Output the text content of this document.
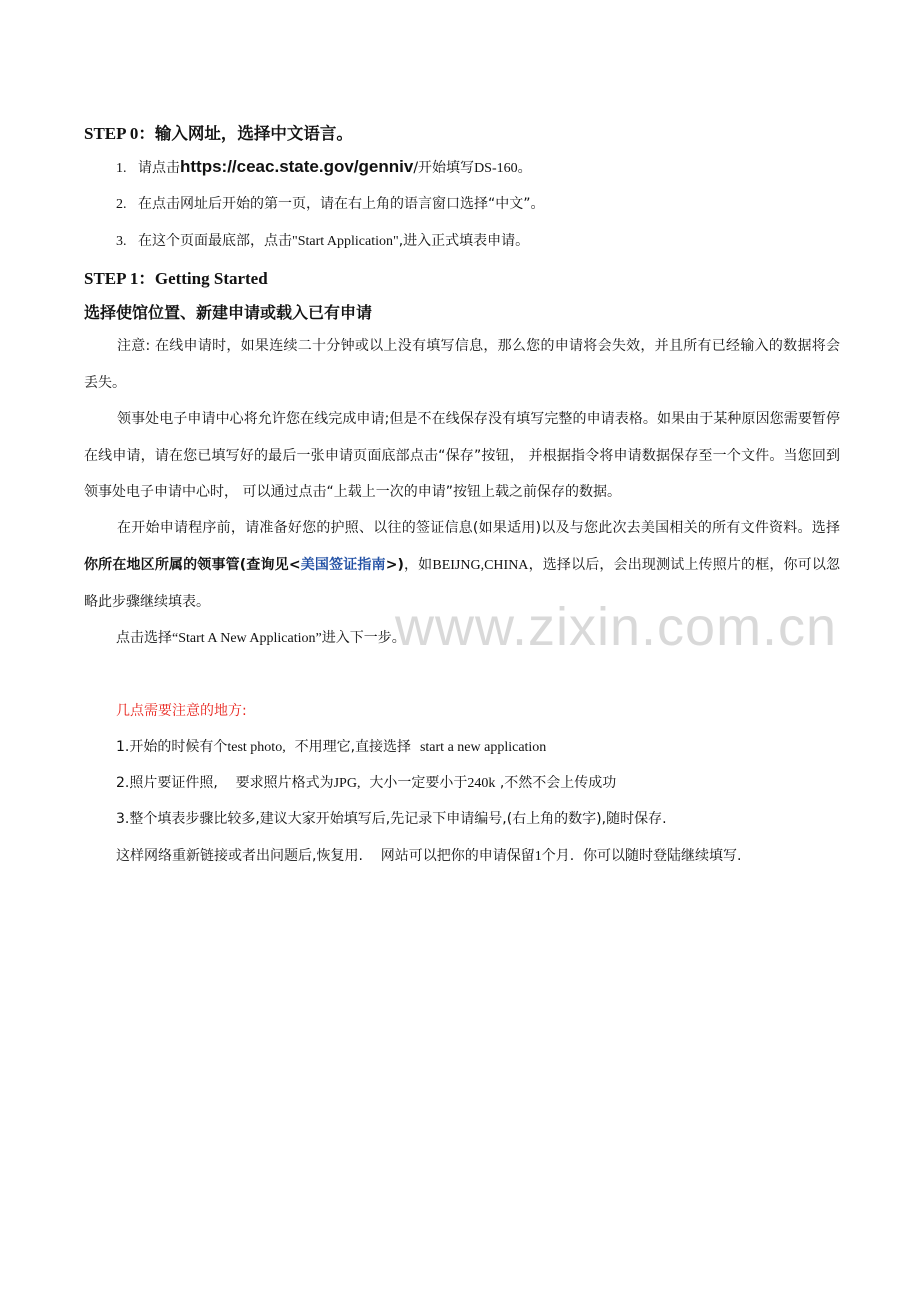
STEP 0：输入网址，选择中文语言。

1. 请点击https://ceac.state.gov/genniv/开始填写DS-160。

2. 在点击网址后开始的第一页，请在右上角的语言窗口选择“中文”。

3. 在这个页面最底部，点击"Start Application",进入正式填表申请。

STEP 1：Getting Started
选择使馆位置、新建申请或载入已有申请

注意: 在线申请时，如果连续二十分钟或以上没有填写信息，那么您的申请将会失效，并且所有已经输入的数据将会丢失。

领事处电子申请中心将允许您在线完成申请;但是不在线保存没有填写完整的申请表格。如果由于某种原因您需要暂停在线申请，请在您已填写好的最后一张申请页面底部点击“保存”按钮， 并根据指令将申请数据保存至一个文件。当您回到领事处电子申请中心时， 可以通过点击“上载上一次的申请”按钮上载之前保存的数据。

在开始申请程序前，请准备好您的护照、以往的签证信息(如果适用)以及与您此次去美国相关的所有文件资料。选择你所在地区所属的领事管(查询见<美国签证指南>)，如BEIJNG,CHINA，选择以后，会出现测试上传照片的框，你可以忽略此步骤继续填表。

点击选择“Start A New Application”进入下一步。

几点需要注意的地方:

1.开始的时候有个test photo,  不用理它,直接选择  start a new application

2.照片要证件照,    要求照片格式为JPG,  大小一定要小于240k ,不然不会上传成功

3.整个填表步骤比较多,建议大家开始填写后,先记录下申请编号,(右上角的数字),随时保存.

这样网络重新链接或者出问题后,恢复用.    网站可以把你的申请保留1个月.  你可以随时登陆继续填写.

www.zixin.com.cn
